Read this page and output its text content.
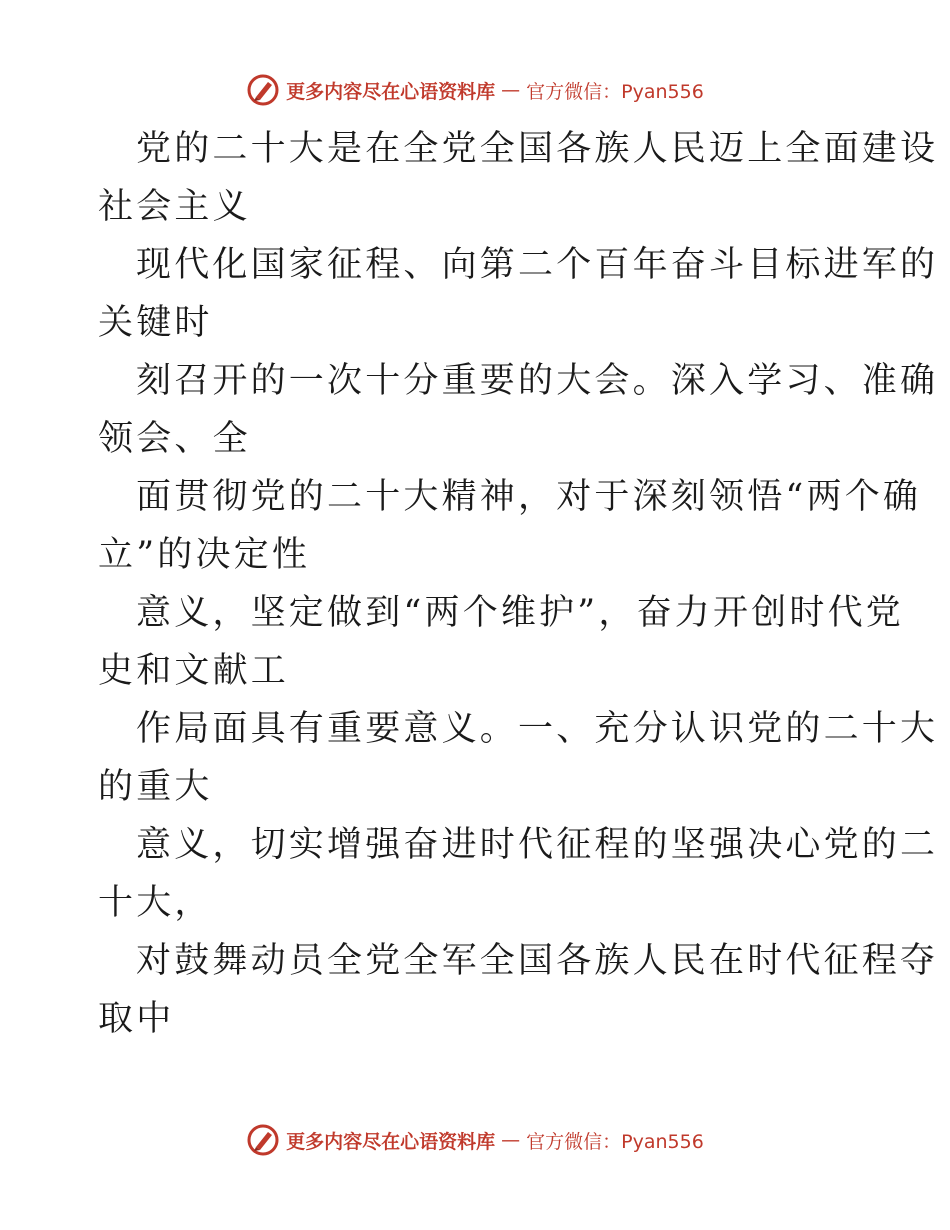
更多内容尽在心语资料库 — 官方微信：Pyan556
党的二十大是在全党全国各族人民迈上全面建设
社会主义
现代化国家征程、向第二个百年奋斗目标进军的
关键时
刻召开的一次十分重要的大会。深入学习、准确
领会、全
面贯彻党的二十大精神，对于深刻领悟“两个确
立”的决定性
意义，坚定做到“两个维护”，奋力开创时代党
史和文献工
作局面具有重要意义。一、充分认识党的二十大
的重大
意义，切实增强奋进时代征程的坚强决心党的二
十大，
对鼓舞动员全党全军全国各族人民在时代征程夺
取中
更多内容尽在心语资料库 — 官方微信：Pyan556
